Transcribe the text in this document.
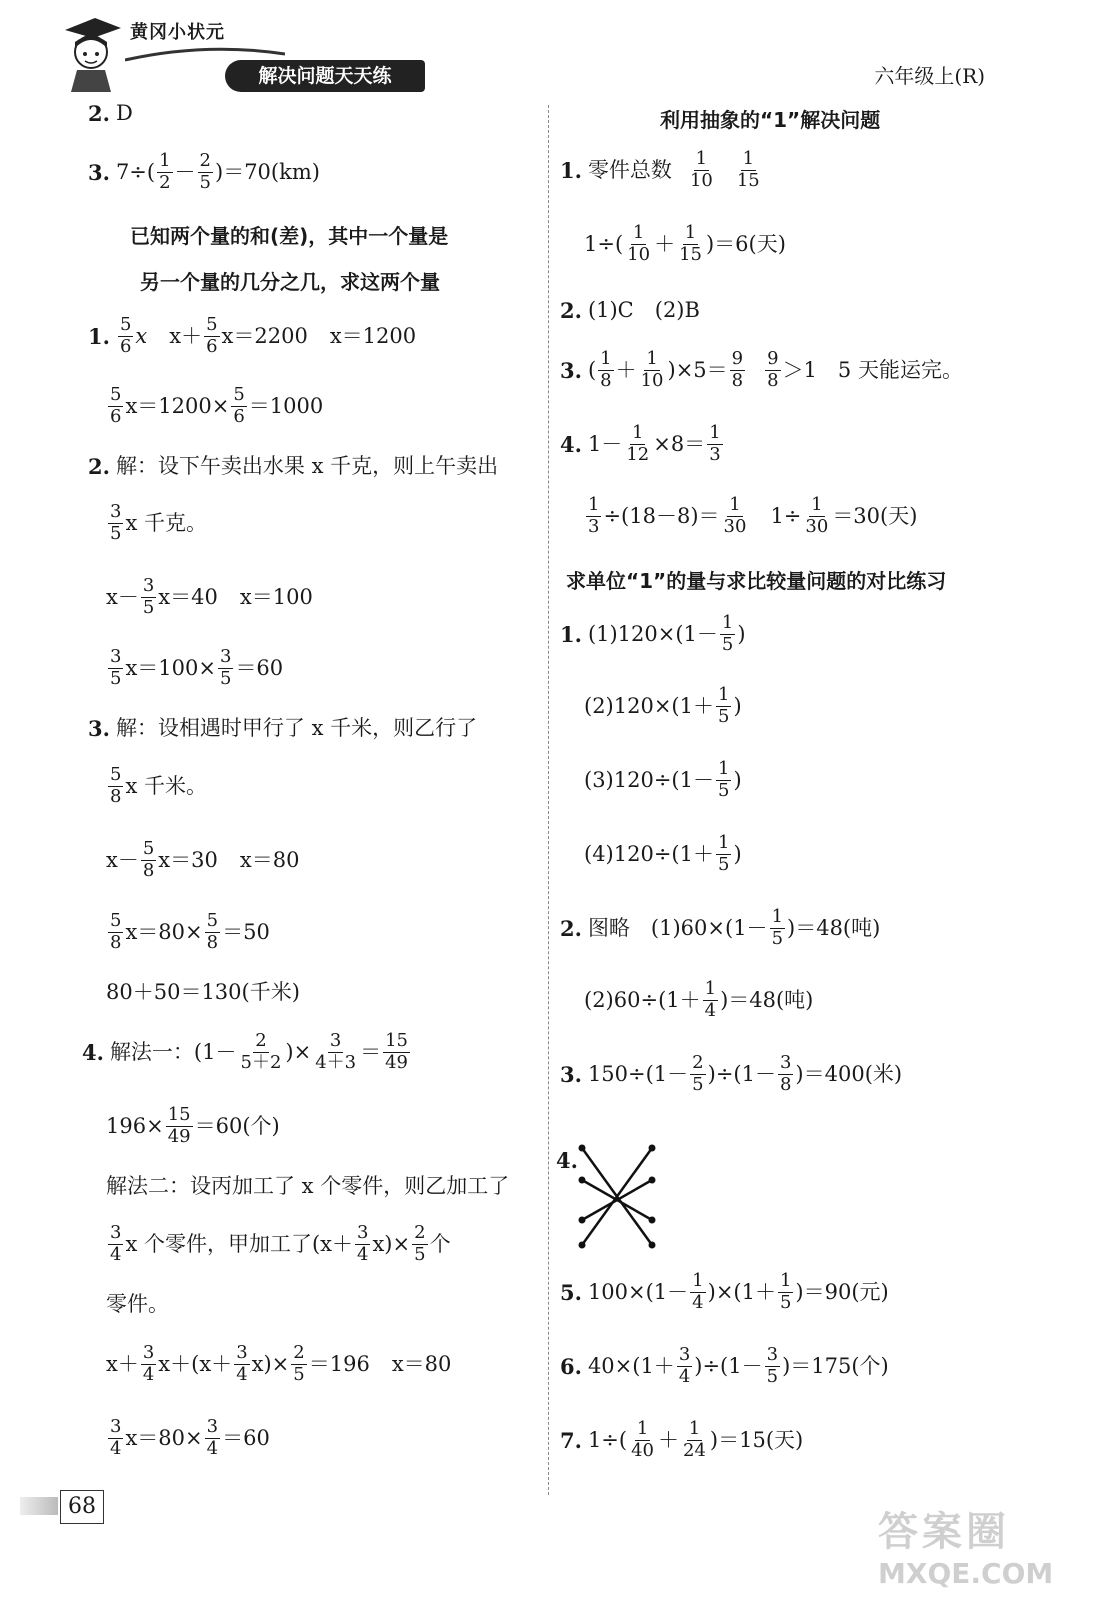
黄冈小状元
解决问题天天练	六年级上(R)
2. D
3. $7\div( \frac{1}{2} - \frac{2}{5} )=70(km)$
已知两个量的和(差)，其中一个量是
另一个量的几分之几，求这两个量
1. $\frac{5}{6}$ x $x+ \frac{5}{6} x=2200$ x＝1200
$\frac{5}{6} x=1200\times \frac{5}{6} =1000$
2. 解：设下午卖出水果 x 千克，则上午卖出
$\frac{3}{5}$ x 千克。
$x- \frac{3}{5} x=40$ x＝100
$\frac{3}{5} x=100\times \frac{3}{5} =60$
3. 解：设相遇时甲行了 x 千米，则乙行了
$\frac{5}{8}$ x 千米。
$x- \frac{5}{8} x=30$ x＝80
$\frac{5}{8} x=80\times \frac{5}{8} =50$
80＋50＝130(千米)
4. 解法一：($1- \frac{2}{5+2}$ )× $\frac{3}{4+3} = \frac{15}{49}$
$196\times \frac{15}{49} =60$(个)
解法二：设丙加工了 x 个零件，则乙加工了
$\frac{3}{4}$ x 个零件，甲加工了$(x+ \frac{3}{4} x)\times \frac{2}{5}$ 个
零件。
$x+ \frac{3}{4} x+(x+ \frac{3}{4} x)\times \frac{2}{5} =196$ x＝80
$\frac{3}{4} x=80\times \frac{3}{4} =60$
利用抽象的“1”解决问题
1. 零件总数 $\frac{1}{10} \frac{1}{15}$
$1\div( \frac{1}{10} + \frac{1}{15} )=6$(天)
2. (1)C　(2)B
3. ( $\frac{1}{8} + \frac{1}{10} )\times 5= \frac{9}{8} \frac{9}{8} >1$　5 天能运完。
4. $1- \frac{1}{12} \times 8= \frac{1}{3}$
$\frac{1}{3} \div(18-8)= \frac{1}{30} 1\div \frac{1}{30} =30$(天)
求单位“1”的量与求比较量问题的对比练习
1. $(1)120\times(1- \frac{1}{5}$ )
$(2)120\times(1+ \frac{1}{5}$ )
$(3)120\div(1- \frac{1}{5}$ )
$(4)120\div(1+ \frac{1}{5}$ )
2. 图略　$(1)60\times(1- \frac{1}{5} )=48$(吨)
$(2)60\div(1+ \frac{1}{4} )=48$(吨)
3. $150\div(1- \frac{2}{5} )\div(1- \frac{3}{8} )=400$(米)
4.
5. $100\times(1- \frac{1}{4} )\times(1+ \frac{1}{5} )=90$(元)
6. $40\times(1+ \frac{3}{4} )\div(1- \frac{3}{5} )=175$(个)
7. $1\div( \frac{1}{40} + \frac{1}{24} )=15$(天)
68
答案圈
MXQE.COM
